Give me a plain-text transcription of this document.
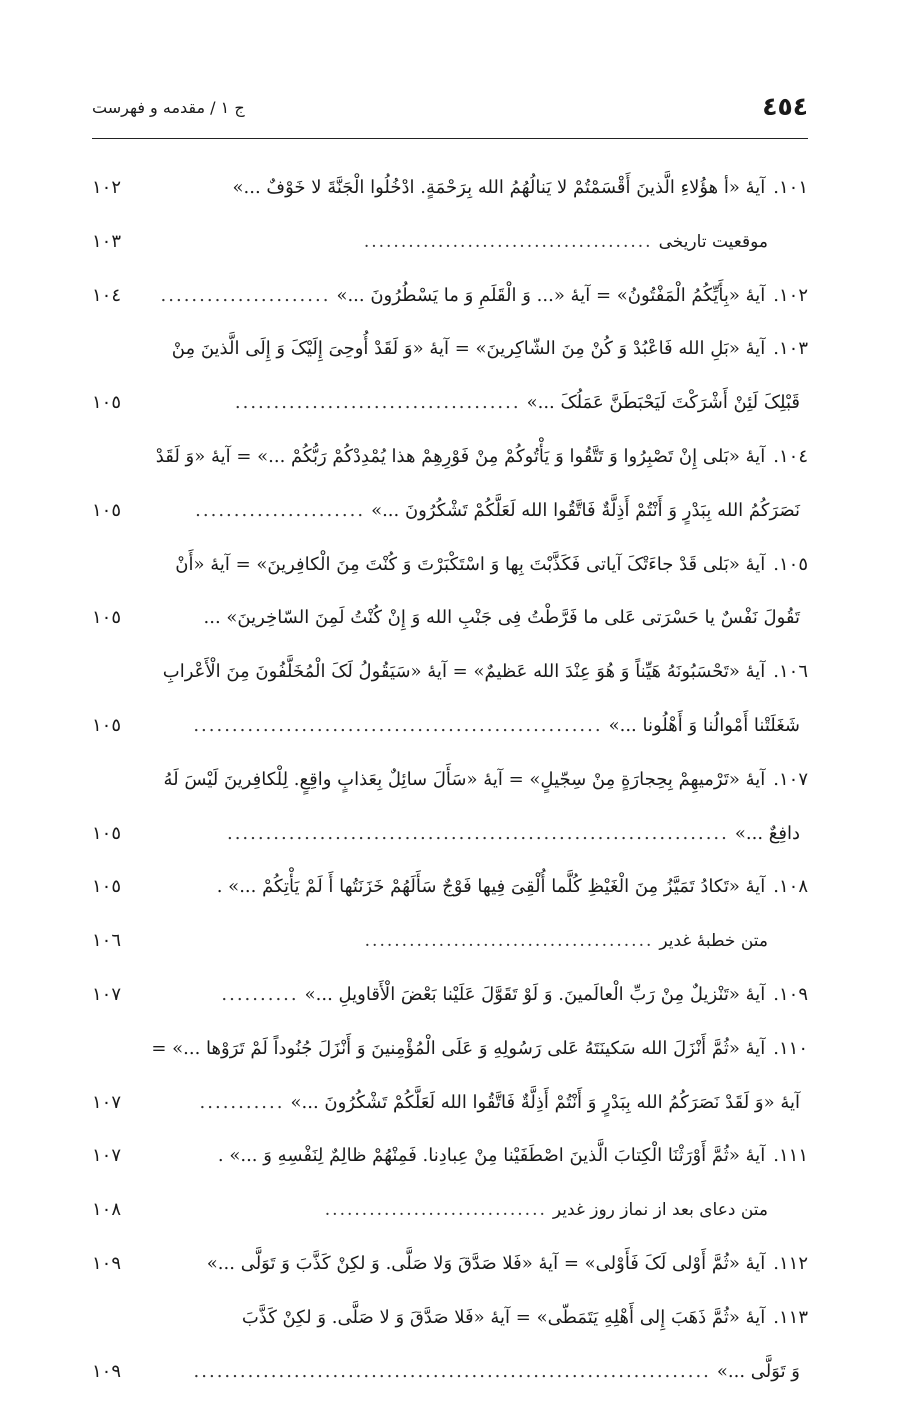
٤٥٤
ج ١ / مقدمه و فهرست
١٠١.آیهٔ «أ هؤُلاءِ الَّذینَ أَقْسَمْتُمْ لا یَنالُهُمُ الله بِرَحْمَةٍ. ادْخُلُوا الْجَنَّةَ لا خَوْفٌ ...»
١٠٢
موقعیت تاریخی.......................................
١٠٣
١٠٢.آیهٔ «بِأَیِّکُمُ الْمَفْتُونُ» = آیهٔ «... وَ الْقَلَمِ وَ ما یَسْطُرُونَ ...»......................
١٠٤
١٠٣.آیهٔ «بَلِ الله فَاعْبُدْ وَ کُنْ مِنَ الشّاکِرینَ» = آیهٔ «وَ لَقَدْ أُوحِیَ إِلَیْکَ وَ إِلَی الَّذینَ مِنْ
قَبْلِکَ لَئِنْ أَشْرَکْتَ لَیَحْبَطَنَّ عَمَلُکَ ...».....................................
١٠٥
١٠٤.آیهٔ «بَلی إِنْ تَصْبِرُوا وَ تَتَّقُوا وَ یَأْتُوکُمْ مِنْ فَوْرِهِمْ هذا یُمْدِدْکُمْ رَبُّکُمْ ...» = آیهٔ «وَ لَقَدْ
نَصَرَکُمُ الله بِبَدْرٍ وَ أَنْتُمْ أَذِلَّةٌ فَاتَّقُوا الله لَعَلَّکُمْ تَشْکُرُونَ ...»......................
١٠٥
١٠٥.آیهٔ «بَلی قَدْ جاءَتْکَ آیاتی فَکَذَّبْتَ بِها وَ اسْتَکْبَرْتَ وَ کُنْتَ مِنَ الْکافِرینَ» = آیهٔ «أَنْ
تَقُولَ نَفْسٌ یا حَسْرَتی عَلی ما فَرَّطْتُ فِی جَنْبِ الله وَ إِنْ کُنْتُ لَمِنَ السّاخِرینَ» ...
١٠٥
١٠٦.آیهٔ «تَحْسَبُونَهُ هَیِّناً وَ هُوَ عِنْدَ الله عَظیمٌ» = آیهٔ «سَیَقُولُ لَکَ الْمُخَلَّفُونَ مِنَ الْأَعْرابِ
شَغَلَتْنا أَمْوالُنا وَ أَهْلُونا ...».....................................................
١٠٥
١٠٧.آیهٔ «تَرْمیهِمْ بِحِجارَةٍ مِنْ سِجّیلٍ» = آیهٔ «سَأَلَ سائِلٌ بِعَذابٍ واقِعٍ. لِلْکافِرینَ لَیْسَ لَهُ
دافِعٌ ...».................................................................
١٠٥
١٠٨.آیهٔ «تَکادُ تَمَیَّزُ مِنَ الْغَیْظِ کُلَّما أُلْقِیَ فِیها فَوْجٌ سَأَلَهُمْ خَزَنَتُها أَ لَمْ یَأْتِکُمْ ...» .
١٠٥
متن خطبهٔ غدیر.......................................
١٠٦
١٠٩.آیهٔ «تَنْزیلٌ مِنْ رَبِّ الْعالَمینَ. وَ لَوْ تَقَوَّلَ عَلَیْنا بَعْضَ الْأَقاویلِ ...»..........
١٠٧
١١٠.آیهٔ «ثُمَّ أَنْزَلَ الله سَکینَتَهُ عَلی رَسُولِهِ وَ عَلَی الْمُؤْمِنینَ وَ أَنْزَلَ جُنُوداً لَمْ تَرَوْها ...» =
آیهٔ «وَ لَقَدْ نَصَرَکُمُ الله بِبَدْرٍ وَ أَنْتُمْ أَذِلَّةٌ فَاتَّقُوا الله لَعَلَّکُمْ تَشْکُرُونَ ...»...........
١٠٧
١١١.آیهٔ «ثُمَّ أَوْرَثْنَا الْکِتابَ الَّذینَ اصْطَفَیْنا مِنْ عِبادِنا. فَمِنْهُمْ ظالِمٌ لِنَفْسِهِ وَ ...» .
١٠٧
متن دعای بعد از نماز روز غدیر..............................
١٠٨
١١٢.آیهٔ «ثُمَّ أَوْلی لَکَ فَأَوْلی» = آیهٔ «فَلا صَدَّقَ وَلا صَلَّی. وَ لکِنْ کَذَّبَ وَ تَوَلَّی ...»
١٠٩
١١٣.آیهٔ «ثُمَّ ذَهَبَ إِلی أَهْلِهِ یَتَمَطّی» = آیهٔ «فَلا صَدَّقَ وَ لا صَلَّی. وَ لکِنْ کَذَّبَ
وَ تَوَلَّی ...»...................................................................
١٠٩
